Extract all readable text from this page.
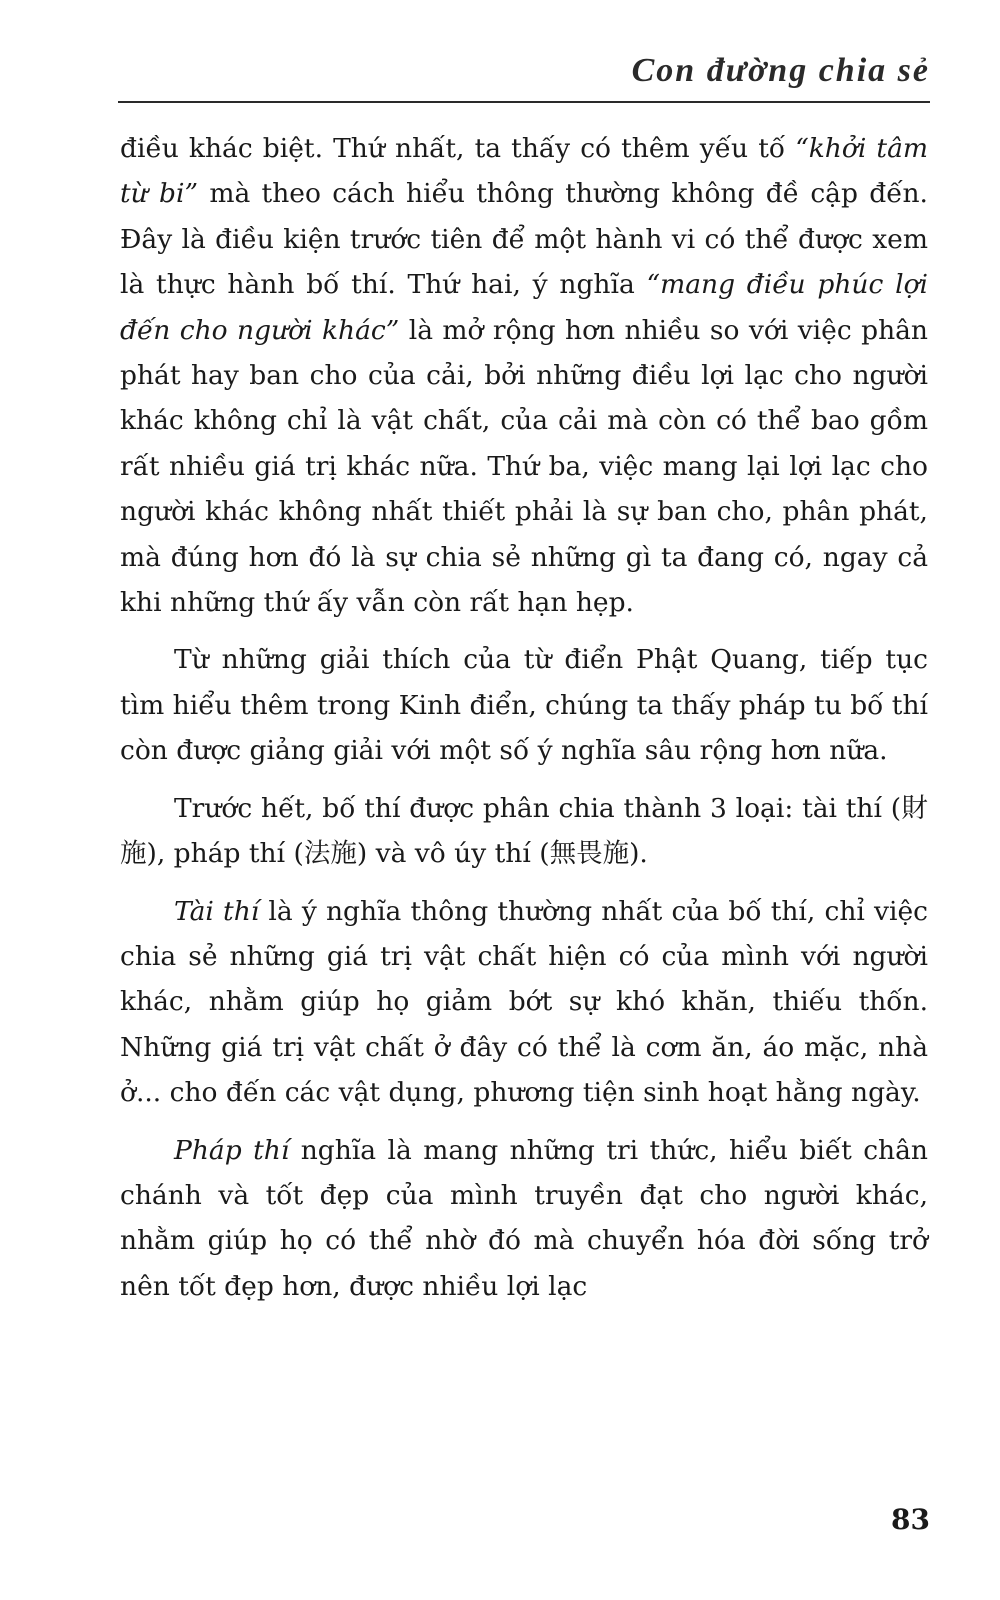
Con đường chia sẻ

điều khác biệt. Thứ nhất, ta thấy có thêm yếu tố “khởi tâm từ bi” mà theo cách hiểu thông thường không đề cập đến. Đây là điều kiện trước tiên để một hành vi có thể được xem là thực hành bố thí. Thứ hai, ý nghĩa “mang điều phúc lợi đến cho người khác” là mở rộng hơn nhiều so với việc phân phát hay ban cho của cải, bởi những điều lợi lạc cho người khác không chỉ là vật chất, của cải mà còn có thể bao gồm rất nhiều giá trị khác nữa. Thứ ba, việc mang lại lợi lạc cho người khác không nhất thiết phải là sự ban cho, phân phát, mà đúng hơn đó là sự chia sẻ những gì ta đang có, ngay cả khi những thứ ấy vẫn còn rất hạn hẹp.

Từ những giải thích của từ điển Phật Quang, tiếp tục tìm hiểu thêm trong Kinh điển, chúng ta thấy pháp tu bố thí còn được giảng giải với một số ý nghĩa sâu rộng hơn nữa.

Trước hết, bố thí được phân chia thành 3 loại: tài thí (財施), pháp thí (法施) và vô úy thí (無畏施).

Tài thí là ý nghĩa thông thường nhất của bố thí, chỉ việc chia sẻ những giá trị vật chất hiện có của mình với người khác, nhằm giúp họ giảm bớt sự khó khăn, thiếu thốn. Những giá trị vật chất ở đây có thể là cơm ăn, áo mặc, nhà ở... cho đến các vật dụng, phương tiện sinh hoạt hằng ngày.

Pháp thí nghĩa là mang những tri thức, hiểu biết chân chánh và tốt đẹp của mình truyền đạt cho người khác, nhằm giúp họ có thể nhờ đó mà chuyển hóa đời sống trở nên tốt đẹp hơn, được nhiều lợi lạc

83
